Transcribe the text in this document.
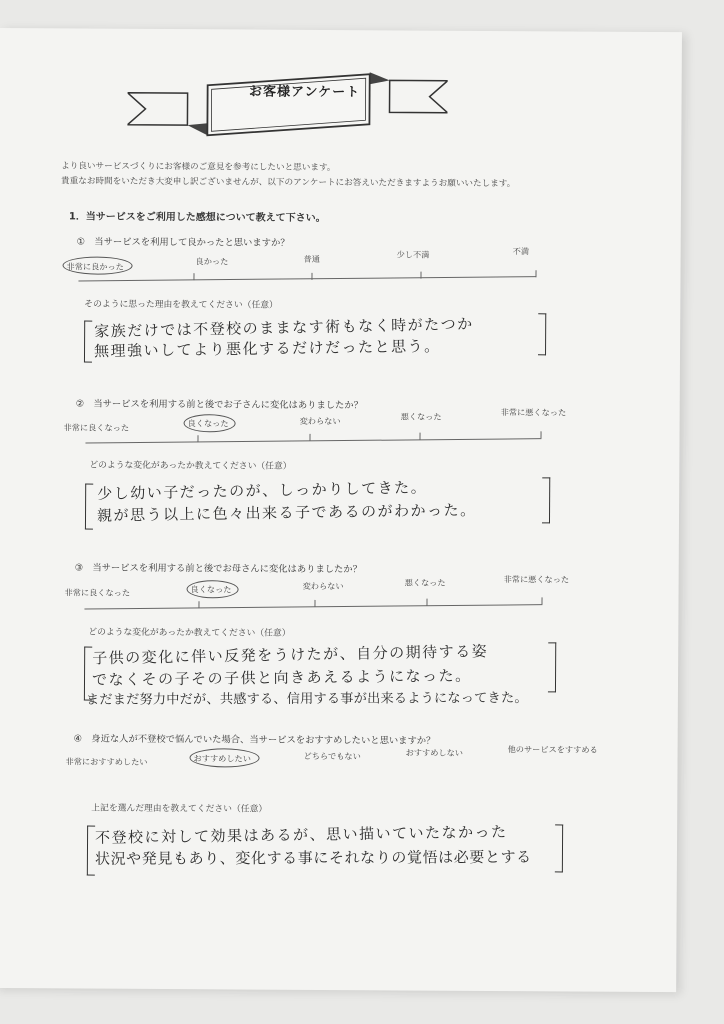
お客様アンケート
より良いサービスづくりにお客様のご意見を参考にしたいと思います。
貴重なお時間をいただき大変申し訳ございませんが、以下のアンケートにお答えいただきますようお願いいたします。
1．当サービスをご利用した感想について教えて下さい。
①　当サービスを利用して良かったと思いますか？
非常に良かった
良かった	普通	少し不満	不満
そのように思った理由を教えてください（任意）
家族だけでは不登校のままなす術もなく時がたつか
無理強いしてより悪化するだけだったと思う。
②　当サービスを利用する前と後でお子さんに変化はありましたか？
非常に良くなった	良くなった	変わらない	悪くなった	非常に悪くなった
どのような変化があったか教えてください（任意）
少し幼い子だったのが、しっかりしてきた。
親が思う以上に色々出来る子であるのがわかった。
③　当サービスを利用する前と後でお母さんに変化はありましたか？
非常に良くなった	良くなった	変わらない	悪くなった	非常に悪くなった
どのような変化があったか教えてください（任意）
子供の変化に伴い反発をうけたが、自分の期待する姿
でなくその子その子供と向きあえるようになった。
まだまだ努力中だが、共感する、信用する事が出来るようになってきた。
④　身近な人が不登校で悩んでいた場合、当サービスをおすすめしたいと思いますか？
非常におすすめしたい	おすすめしたい	どちらでもない	おすすめしない	他のサービスをすすめる
上記を選んだ理由を教えてください（任意）
不登校に対して効果はあるが、思い描いていたなかった
状況や発見もあり、変化する事にそれなりの覚悟は必要とする
